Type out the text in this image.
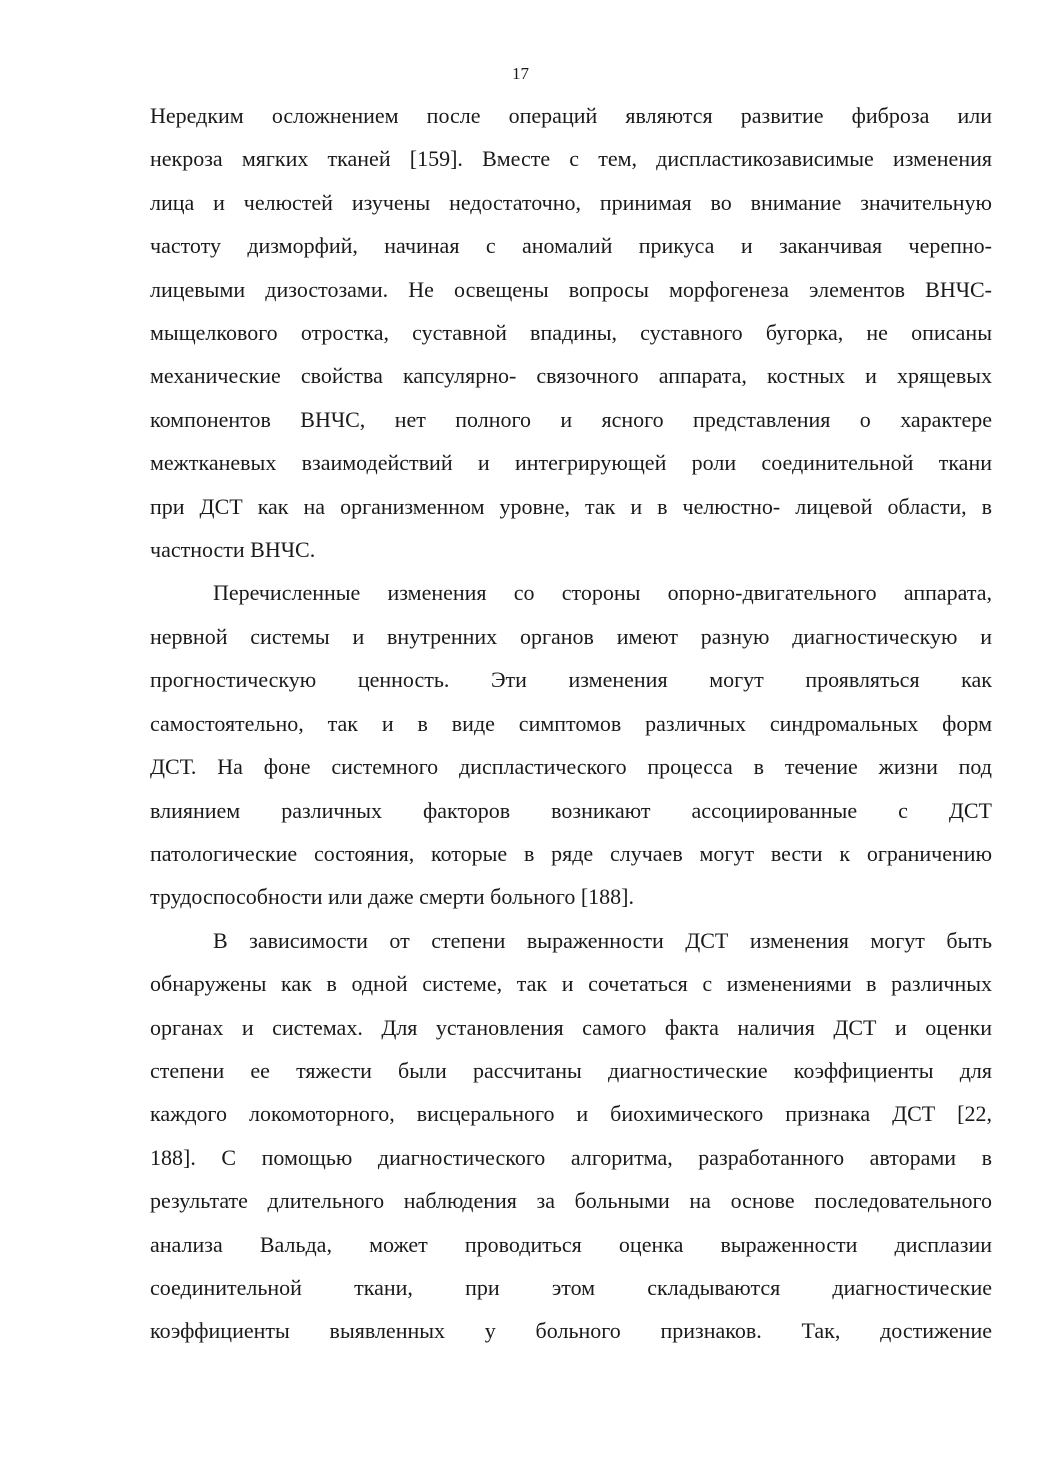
17

Нередким осложнением после операций являются развитие фиброза или
некроза мягких тканей [159]. Вместе с тем, диспластикозависимые изменения
лица и челюстей изучены недостаточно, принимая во внимание значительную
частоту дизморфий, начиная с аномалий прикуса и заканчивая черепно-
лицевыми дизостозами. Не освещены вопросы морфогенеза элементов ВНЧС-
мыщелкового отростка, суставной впадины, суставного бугорка, не описаны
механические свойства капсулярно- связочного аппарата, костных и хрящевых
компонентов ВНЧС, нет полного и ясного представления о характере
межтканевых взаимодействий и интегрирующей роли соединительной ткани
при ДСТ как на организменном уровне, так и в челюстно- лицевой области, в
частности ВНЧС.

Перечисленные изменения со стороны опорно-двигательного аппарата,
нервной системы и внутренних органов имеют разную диагностическую и
прогностическую ценность. Эти изменения могут проявляться как
самостоятельно, так и в виде симптомов различных синдромальных форм
ДСТ. На фоне системного диспластического процесса в течение жизни под
влиянием различных факторов возникают ассоциированные с ДСТ
патологические состояния, которые в ряде случаев могут вести к ограничению
трудоспособности или даже смерти больного [188].

В зависимости от степени выраженности ДСТ изменения могут быть
обнаружены как в одной системе, так и сочетаться с изменениями в различных
органах и системах. Для установления самого факта наличия ДСТ и оценки
степени ее тяжести были рассчитаны диагностические коэффициенты для
каждого локомоторного, висцерального и биохимического признака ДСТ [22,
188]. С помощью диагностического алгоритма, разработанного авторами в
результате длительного наблюдения за больными на основе последовательного
анализа Вальда, может проводиться оценка выраженности дисплазии
соединительной ткани, при этом складываются диагностические
коэффициенты выявленных у больного признаков. Так, достижение
